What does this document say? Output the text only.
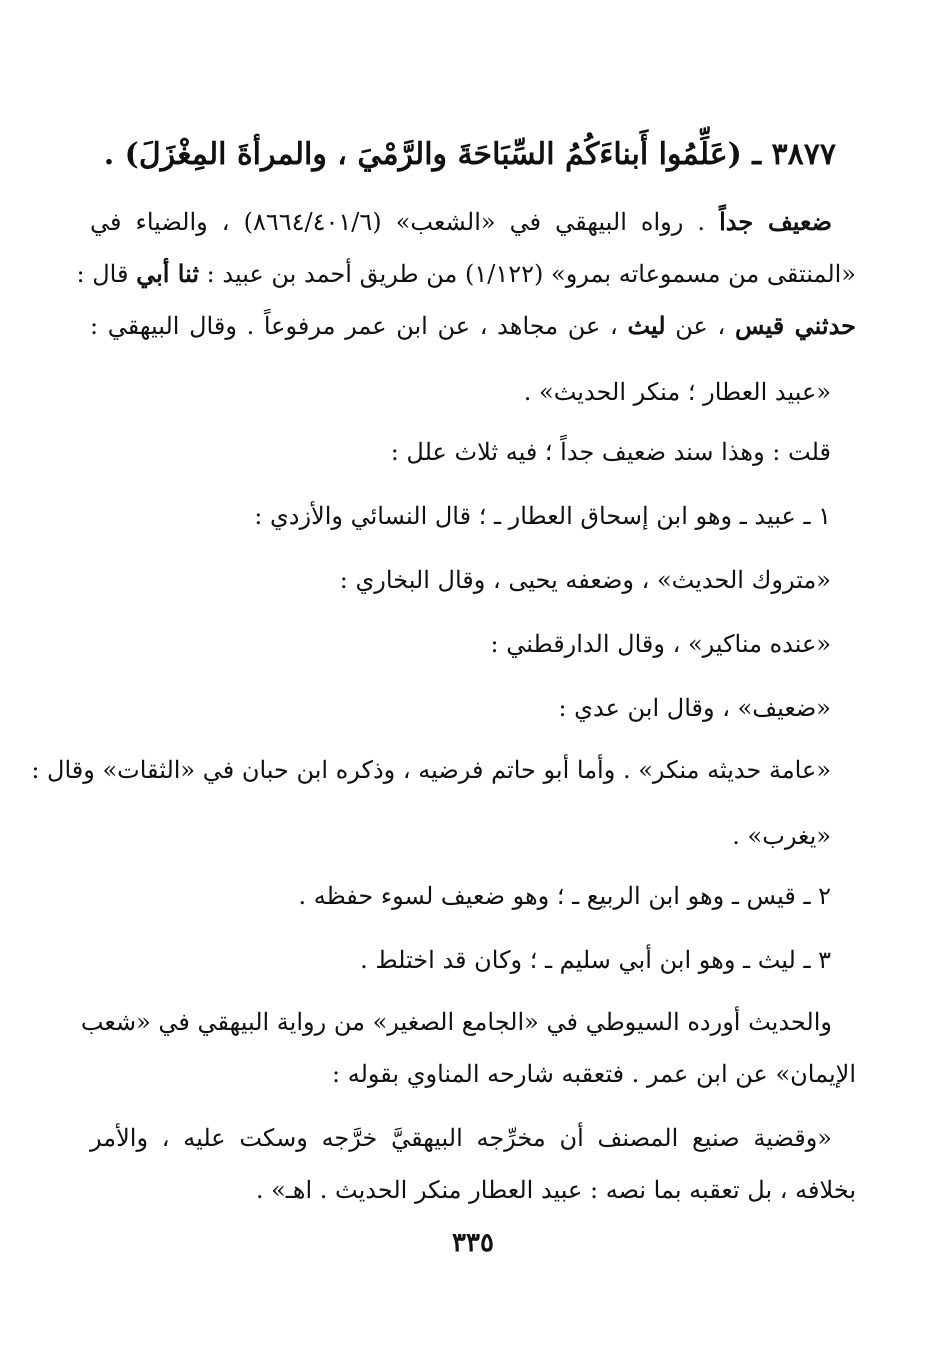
٣٨٧٧ ـ (عَلِّمُوا أَبناءَكُمُ السِّبَاحَةَ والرَّمْيَ ، والمرأةَ المِغْزَلَ) .
ضعيف جداً . رواه البيهقي في «الشعب» (٨٦٦٤/٤٠١/٦) ، والضياء في
«المنتقى من مسموعاته بمرو» (١/١٢٢) من طريق أحمد بن عبيد : ثنا أبي قال :
حدثني قيس ، عن ليث ، عن مجاهد ، عن ابن عمر مرفوعاً . وقال البيهقي :
«عبيد العطار ؛ منكر الحديث» .
قلت : وهذا سند ضعيف جداً ؛ فيه ثلاث علل :
١ ـ عبيد ـ وهو ابن إسحاق العطار ـ ؛ قال النسائي والأزدي :
«متروك الحديث» ، وضعفه يحيى ، وقال البخاري :
«عنده مناكير» ، وقال الدارقطني :
«ضعيف» ، وقال ابن عدي :
«عامة حديثه منكر» . وأما أبو حاتم فرضيه ، وذكره ابن حبان في «الثقات» وقال :
«يغرب» .
٢ ـ قيس ـ وهو ابن الربيع ـ ؛ وهو ضعيف لسوء حفظه .
٣ ـ ليث ـ وهو ابن أبي سليم ـ ؛ وكان قد اختلط .
والحديث أورده السيوطي في «الجامع الصغير» من رواية البيهقي في «شعب
الإيمان» عن ابن عمر . فتعقبه شارحه المناوي بقوله :
«وقضية صنيع المصنف أن مخرِّجه البيهقيَّ خرَّجه وسكت عليه ، والأمر
بخلافه ، بل تعقبه بما نصه : عبيد العطار منكر الحديث . اهـ» .
٣٣٥
